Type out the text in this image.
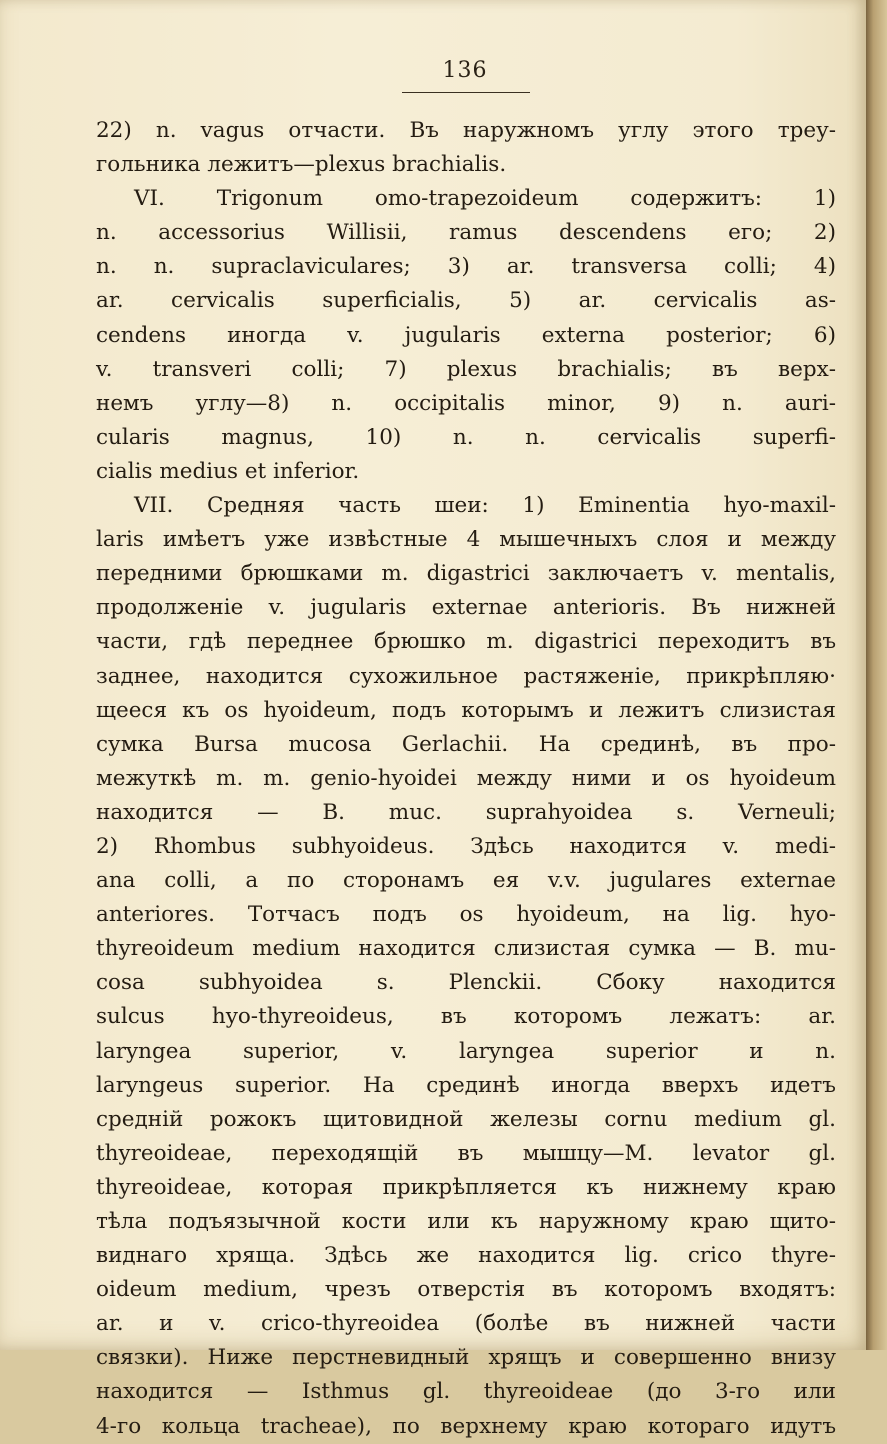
136
22) n. vagus отчасти. Въ наружномъ углу этого треу-
гольника лежитъ—plexus brachialis.
VI. Trigonum omo-trapezoideum содержитъ: 1)
n. accessorius Willisii, ramus descendens его; 2)
n. n. supraclaviculares; 3) ar. transversa colli; 4)
ar. cervicalis superficialis, 5) ar. cervicalis as-
cendens иногда v. jugularis externa posterior; 6)
v. transveri colli; 7) plexus brachialis; въ верх-
немъ углу—8) n. occipitalis minor, 9) n. auri-
cularis magnus, 10) n. n. cervicalis superfi-
cialis medius et inferior.
VII. Средняя часть шеи: 1) Eminentia hyo-maxil-
laris имѣетъ уже извѣстные 4 мышечныхъ слоя и между
передними брюшками m. digastrici заключаетъ v. mentalis,
продолженіе v. jugularis externae anterioris. Въ нижней
части, гдѣ переднее брюшко m. digastrici переходитъ въ
заднее, находится сухожильное растяженіе, прикрѣпляю·
щееся къ os hyoideum, подъ которымъ и лежитъ слизистая
сумка Bursa mucosa Gerlachii. На срединѣ, въ про-
межуткѣ m. m. genio-hyoidei между ними и os hyoideum
находится — B. muc. suprahyoidea s. Verneuli;
2) Rhombus subhyoideus. Здѣсь находится v. medi-
ana colli, а по сторонамъ ея v.v. jugulares externae
anteriores. Тотчасъ подъ os hyoideum, на lig. hyo-
thyreoideum medium находится слизистая сумка — B. mu-
cosa subhyoidea s. Plenckii. Сбоку находится
sulcus hyo-thyreoideus, въ которомъ лежатъ: ar.
laryngea superior, v. laryngea superior и n.
laryngeus superior. На срединѣ иногда вверхъ идетъ
средній рожокъ щитовидной железы cornu medium gl.
thyreoideae, переходящій въ мышцу—M. levator gl.
thyreoideae, которая прикрѣпляется къ нижнему краю
тѣла подъязычной кости или къ наружному краю щито-
виднаго хряща. Здѣсь же находится lig. crico thyre-
oideum medium, чрезъ отверстія въ которомъ входятъ:
ar. и v. crico-thyreoidea (болѣе въ нижней части
связки). Ниже перстневидный хрящъ и совершенно внизу
находится — Isthmus gl. thyreoideae (до 3-го или
4-го кольца tracheae), по верхнему краю котораго идутъ
